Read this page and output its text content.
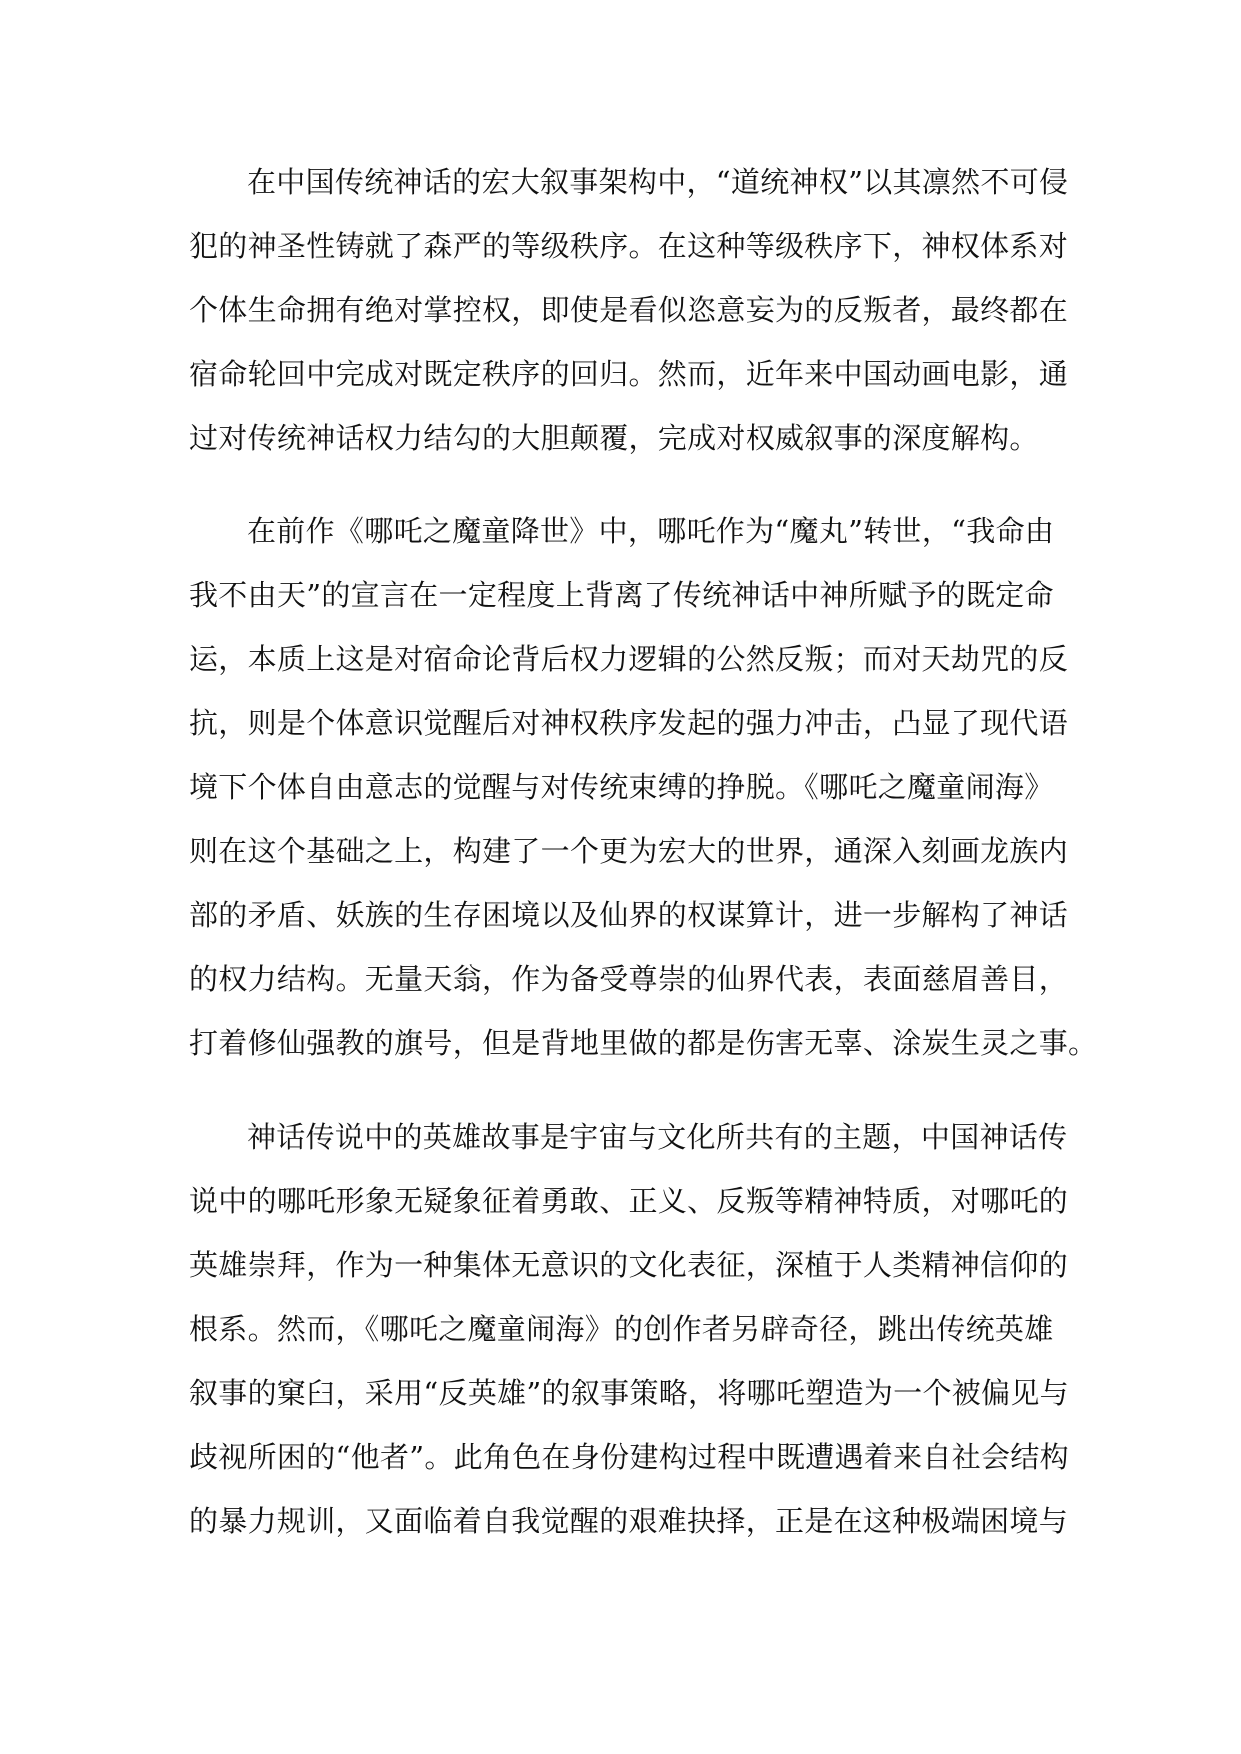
在中国传统神话的宏大叙事架构中，“道统神权”以其凛然不可侵
犯的神圣性铸就了森严的等级秩序。在这种等级秩序下，神权体系对
个体生命拥有绝对掌控权，即使是看似恣意妄为的反叛者，最终都在
宿命轮回中完成对既定秩序的回归。然而，近年来中国动画电影，通
过对传统神话权力结勾的大胆颠覆，完成对权威叙事的深度解构。
在前作《哪吒之魔童降世》中，哪吒作为“魔丸”转世，“我命由
我不由天”的宣言在一定程度上背离了传统神话中神所赋予的既定命
运，本质上这是对宿命论背后权力逻辑的公然反叛；而对天劫咒的反
抗，则是个体意识觉醒后对神权秩序发起的强力冲击，凸显了现代语
境下个体自由意志的觉醒与对传统束缚的挣脱。《哪吒之魔童闹海》
则在这个基础之上，构建了一个更为宏大的世界，通深入刻画龙族内
部的矛盾、妖族的生存困境以及仙界的权谋算计，进一步解构了神话
的权力结构。无量天翁，作为备受尊崇的仙界代表，表面慈眉善目，
打着修仙强教的旗号，但是背地里做的都是伤害无辜、涂炭生灵之事。
神话传说中的英雄故事是宇宙与文化所共有的主题，中国神话传
说中的哪吒形象无疑象征着勇敢、正义、反叛等精神特质，对哪吒的
英雄崇拜，作为一种集体无意识的文化表征，深植于人类精神信仰的
根系。然而，《哪吒之魔童闹海》的创作者另辟奇径，跳出传统英雄
叙事的窠臼，采用“反英雄”的叙事策略，将哪吒塑造为一个被偏见与
歧视所困的“他者”。此角色在身份建构过程中既遭遇着来自社会结构
的暴力规训，又面临着自我觉醒的艰难抉择，正是在这种极端困境与
